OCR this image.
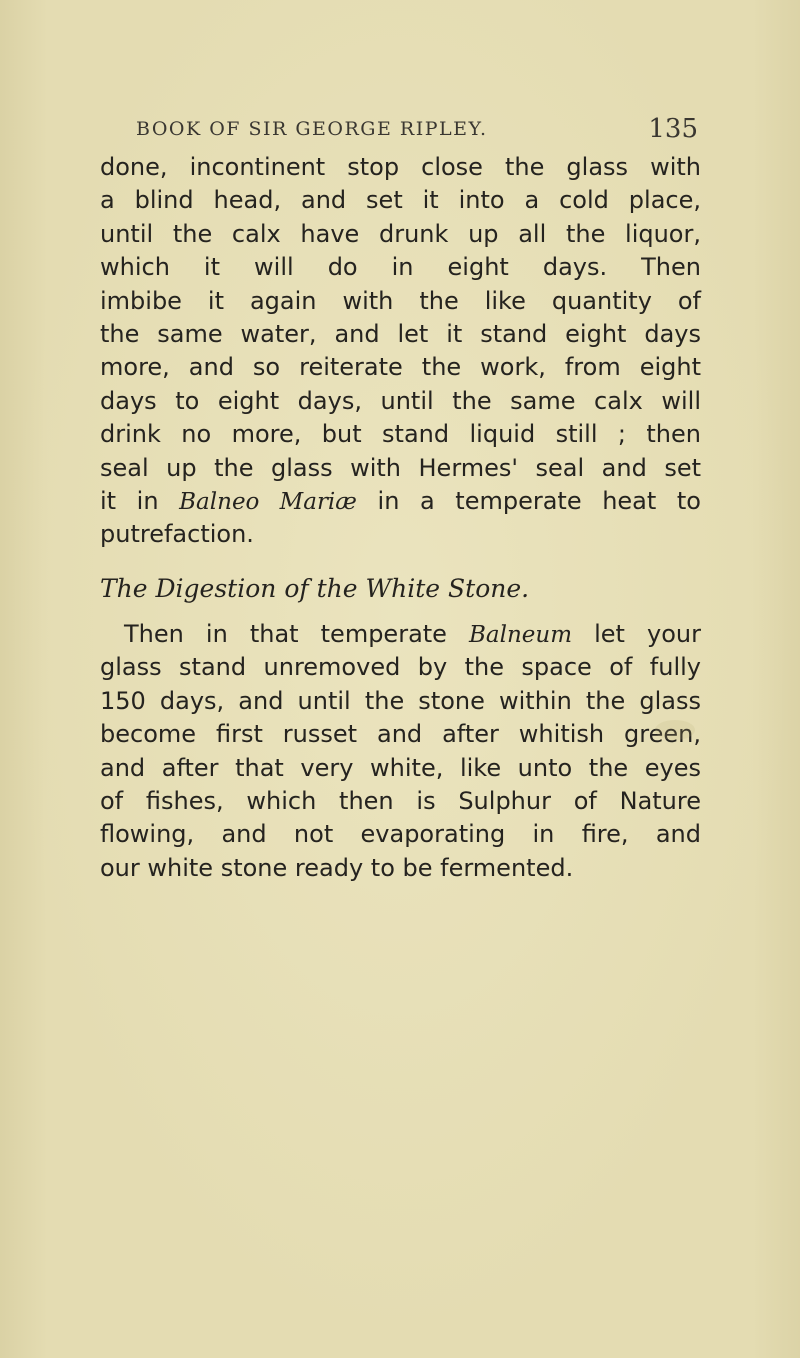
BOOK OF SIR GEORGE RIPLEY.	135
done, incontinent stop close the glass with
a blind head, and set it into a cold place,
until the calx have drunk up all the liquor,
which it will do in eight days. Then
imbibe it again with the like quantity of
the same water, and let it stand eight days
more, and so reiterate the work, from eight
days to eight days, until the same calx will
drink no more, but stand liquid still ; then
seal up the glass with Hermes' seal and set
it in Balneo Mariæ in a temperate heat to
putrefaction.
The Digestion of the White Stone.
Then in that temperate Balneum let your
glass stand unremoved by the space of fully
150 days, and until the stone within the glass
become first russet and after whitish green,
and after that very white, like unto the eyes
of fishes, which then is Sulphur of Nature
flowing, and not evaporating in fire, and
our white stone ready to be fermented.
